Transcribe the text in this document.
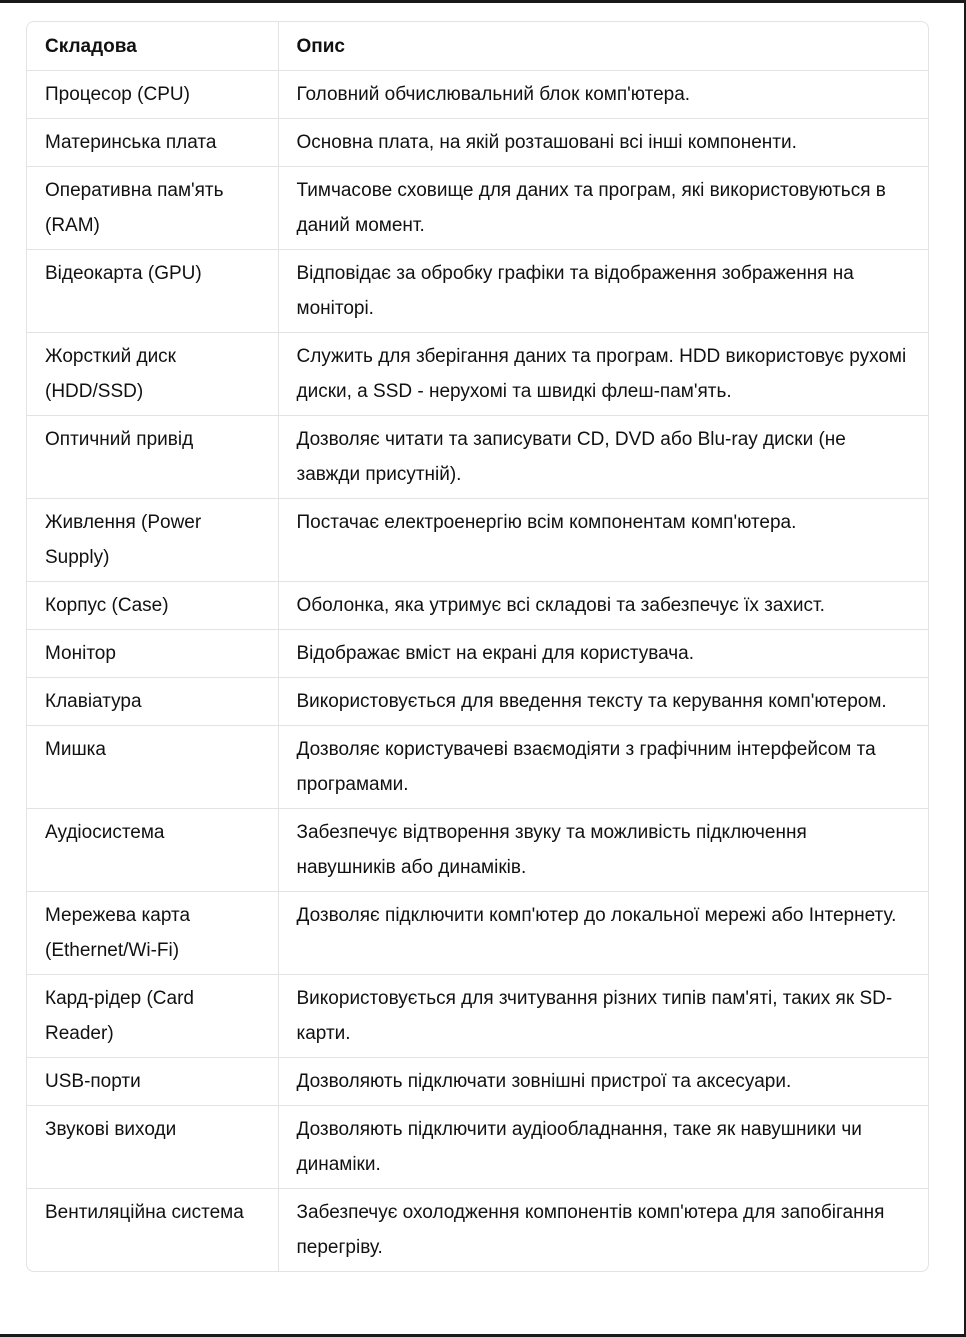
Складова	Опис
Процесор (CPU)	Головний обчислювальний блок комп'ютера.
Материнська плата	Основна плата, на якій розташовані всі інші компоненти.
Оперативна пам'ять (RAM)	Тимчасове сховище для даних та програм, які використовуються в даний момент.
Відеокарта (GPU)	Відповідає за обробку графіки та відображення зображення на моніторі.
Жорсткий диск (HDD/SSD)	Служить для зберігання даних та програм. HDD використовує рухомі диски, а SSD - нерухомі та швидкі флеш-пам'ять.
Оптичний привід	Дозволяє читати та записувати CD, DVD або Blu-ray диски (не завжди присутній).
Живлення (Power Supply)	Постачає електроенергію всім компонентам комп'ютера.
Корпус (Case)	Оболонка, яка утримує всі складові та забезпечує їх захист.
Монітор	Відображає вміст на екрані для користувача.
Клавіатура	Використовується для введення тексту та керування комп'ютером.
Мишка	Дозволяє користувачеві взаємодіяти з графічним інтерфейсом та програмами.
Аудіосистема	Забезпечує відтворення звуку та можливість підключення навушників або динаміків.
Мережева карта (Ethernet/Wi-Fi)	Дозволяє підключити комп'ютер до локальної мережі або Інтернету.
Кард-рідер (Card Reader)	Використовується для зчитування різних типів пам'яті, таких як SD-карти.
USB-порти	Дозволяють підключати зовнішні пристрої та аксесуари.
Звукові виходи	Дозволяють підключити аудіообладнання, таке як навушники чи динаміки.
Вентиляційна система	Забезпечує охолодження компонентів комп'ютера для запобігання перегріву.
